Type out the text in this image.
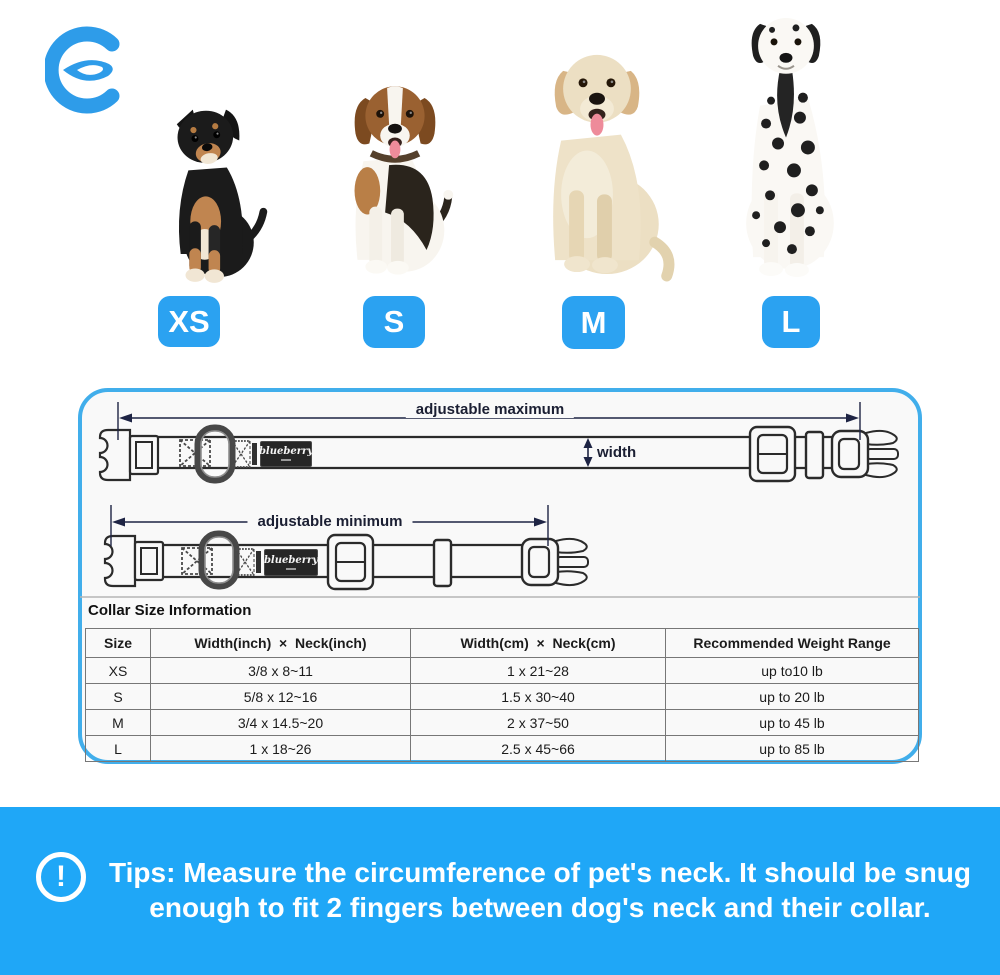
XS	S	M	L
adjustable maximum
adjustable minimum
width
blueberry
blueberry
Collar Size Information
Size	Width(inch)  ×  Neck(inch)	Width(cm)  ×  Neck(cm)	Recommended Weight Range
XS	3/8 x 8~11	1 x 21~28	up to10 lb
S	5/8 x 12~16	1.5 x 30~40	up to 20 lb
M	3/4 x 14.5~20	2 x 37~50	up to 45 lb
L	1 x 18~26	2.5 x 45~66	up to 85 lb
!	Tips: Measure the circumference of pet's neck. It should be snug
enough to fit 2 fingers between dog's neck and their collar.
